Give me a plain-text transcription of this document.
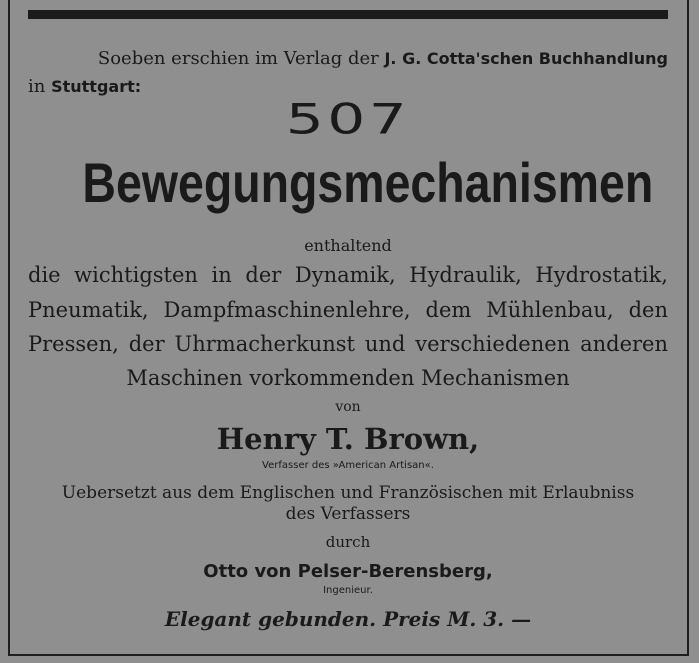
Soeben erschien im Verlag der J. G. Cotta'schen Buchhandlung
in Stuttgart:
507
Bewegungsmechanismen
enthaltend
die wichtigsten in der Dynamik, Hydraulik, Hydrostatik,
Pneumatik, Dampfmaschinenlehre, dem Mühlenbau, den
Pressen, der Uhrmacherkunst und verschiedenen anderen
Maschinen vorkommenden Mechanismen
von
Henry T. Brown,
Verfasser des »American Artisan«.
Uebersetzt aus dem Englischen und Französischen mit Erlaubniss
des Verfassers
durch
Otto von Pelser-Berensberg,
Ingenieur.
Elegant gebunden. Preis M. 3. —
